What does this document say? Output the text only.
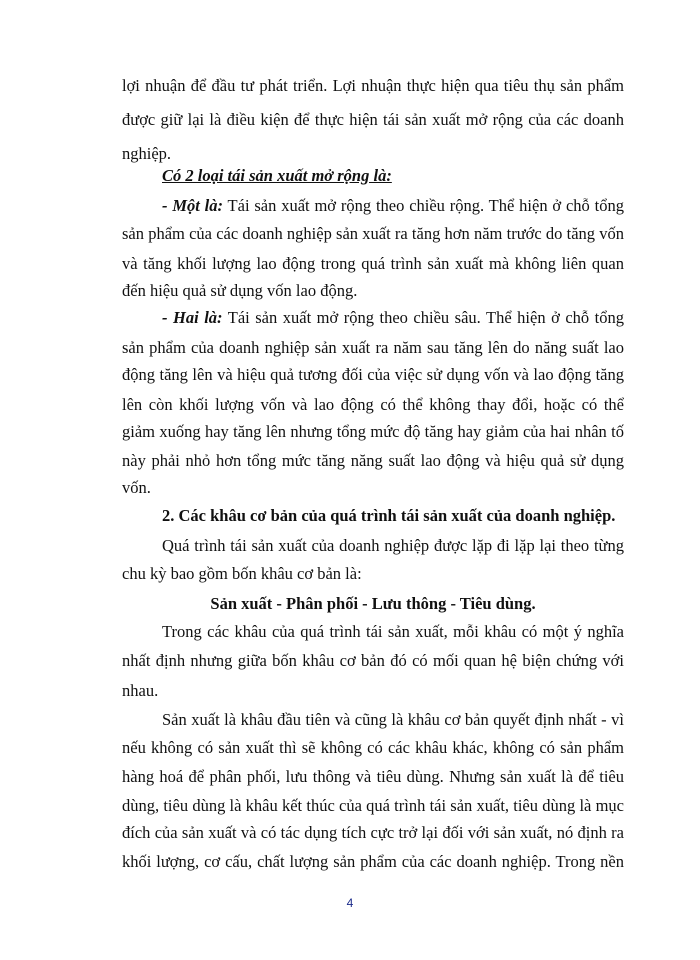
lợi nhuận để đầu tư phát triển. Lợi nhuận thực hiện qua tiêu thụ sản phẩm
được giữ lại là điều kiện để thực hiện tái sản xuất mở rộng của các doanh
nghiệp.
Có 2 loại tái sản xuất mở rộng là:
- Một là: Tái sản xuất mở rộng theo chiều rộng. Thể hiện ở chỗ tổng
sản phẩm của các doanh nghiệp sản xuất ra tăng hơn năm trước do tăng vốn
và tăng khối lượng lao động trong quá trình sản xuất mà không liên quan
đến hiệu quả sử dụng vốn lao động.
- Hai là: Tái sản xuất mở rộng theo chiều sâu. Thể hiện ở chỗ tổng
sản phẩm của doanh nghiệp sản xuất ra năm sau tăng lên do năng suất lao
động tăng lên và hiệu quả tương đối của việc sử dụng vốn và lao động tăng
lên còn khối lượng vốn và lao động có thể không thay đổi, hoặc có thể
giảm xuống hay tăng lên nhưng tổng mức độ tăng hay giảm của hai nhân tố
này phải nhỏ hơn tổng mức tăng năng suất lao động và hiệu quả sử dụng
vốn.
2. Các khâu cơ bản của quá trình tái sản xuất của doanh nghiệp.
Quá trình tái sản xuất của doanh nghiệp được lặp đi lặp lại theo từng
chu kỳ bao gồm bốn khâu cơ bản là:
Sản xuất - Phân phối - Lưu thông - Tiêu dùng.
Trong các khâu của quá trình tái sản xuất, mỗi khâu có một ý nghĩa
nhất định nhưng giữa bốn khâu cơ bản đó có mối quan hệ biện chứng với
nhau.
Sản xuất là khâu đầu tiên và cũng là khâu cơ bản quyết định nhất - vì
nếu không có sản xuất thì sẽ không có các khâu khác, không có sản phẩm
hàng hoá để phân phối, lưu thông và tiêu dùng. Nhưng sản xuất là để tiêu
dùng, tiêu dùng là khâu kết thúc của quá trình tái sản xuất, tiêu dùng là mục
đích của sản xuất và có tác dụng tích cực trở lại đối với sản xuất, nó định ra
khối lượng, cơ cấu, chất lượng sản phẩm của các doanh nghiệp. Trong nền
4
